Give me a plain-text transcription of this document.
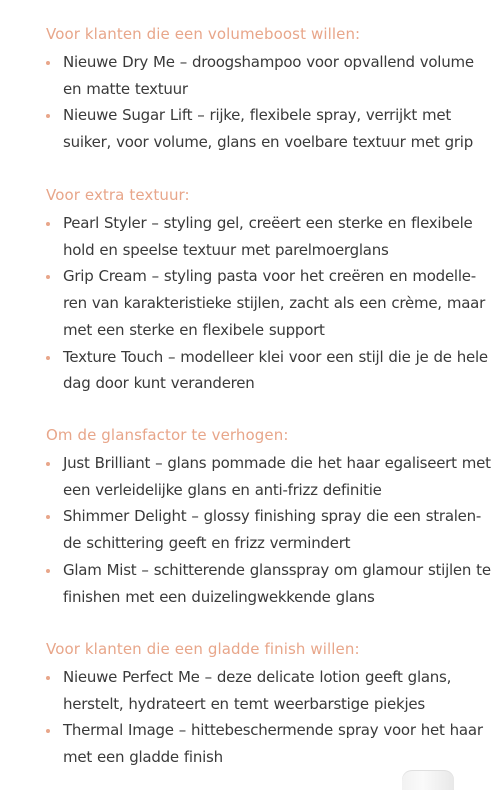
Voor klanten die een volumeboost willen:
Nieuwe Dry Me – droogshampoo voor opvallend volume en matte textuur
Nieuwe Sugar Lift – rijke, flexibele spray, verrijkt met suiker, voor volume, glans en voelbare textuur met grip
Voor extra textuur:
Pearl Styler – styling gel, creëert een sterke en flexibele hold en speelse textuur met parelmoerglans
Grip Cream – styling pasta voor het creëren en modelle-ren van karakteristieke stijlen, zacht als een crème, maar met een sterke en flexibele support
Texture Touch – modelleer klei voor een stijl die je de hele dag door kunt veranderen
Om de glansfactor te verhogen:
Just Brilliant – glans pommade die het haar egaliseert met een verleidelijke glans en anti-frizz definitie
Shimmer Delight – glossy finishing spray die een stralen-de schittering geeft en frizz vermindert
Glam Mist – schitterende glansspray om glamour stijlen te finishen met een duizelingwekkende glans
Voor klanten die een gladde finish willen:
Nieuwe Perfect Me – deze delicate lotion geeft glans, herstelt, hydrateert en temt weerbarstige piekjes
Thermal Image – hittebeschermende spray voor het haar met een gladde finish
